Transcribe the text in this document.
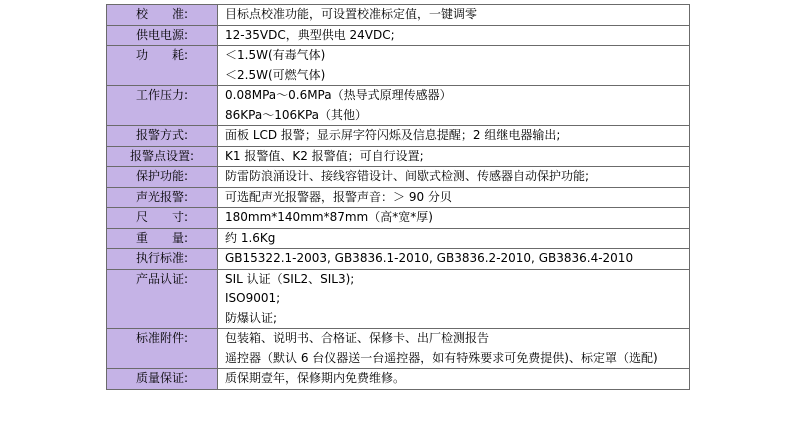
校　　准:	目标点校准功能，可设置校准标定值，一键调零

供电电源:	12-35VDC，典型供电 24VDC;

功　　耗:	＜1.5W(有毒气体)
＜2.5W(可燃气体)

工作压力:	0.08MPa～0.6MPa（热导式原理传感器）
86KPa～106KPa（其他）

报警方式:	面板 LCD 报警；显示屏字符闪烁及信息提醒；2 组继电器输出;

报警点设置:	K1 报警值、K2 报警值；可自行设置;

保护功能:	防雷防浪涌设计、接线容错设计、间歇式检测、传感器自动保护功能;

声光报警:	可选配声光报警器，报警声音：＞ 90 分贝

尺　　寸:	180mm*140mm*87mm（高*宽*厚)

重　　量:	约 1.6Kg

执行标准:	GB15322.1-2003, GB3836.1-2010, GB3836.2-2010, GB3836.4-2010

产品认证:	SIL 认证（SIL2、SIL3);
ISO9001;
防爆认证;

标准附件:	包装箱、说明书、合格证、保修卡、出厂检测报告
遥控器（默认 6 台仪器送一台遥控器，如有特殊要求可免费提供)、标定罩（选配)

质量保证:	质保期壹年，保修期内免费维修。
